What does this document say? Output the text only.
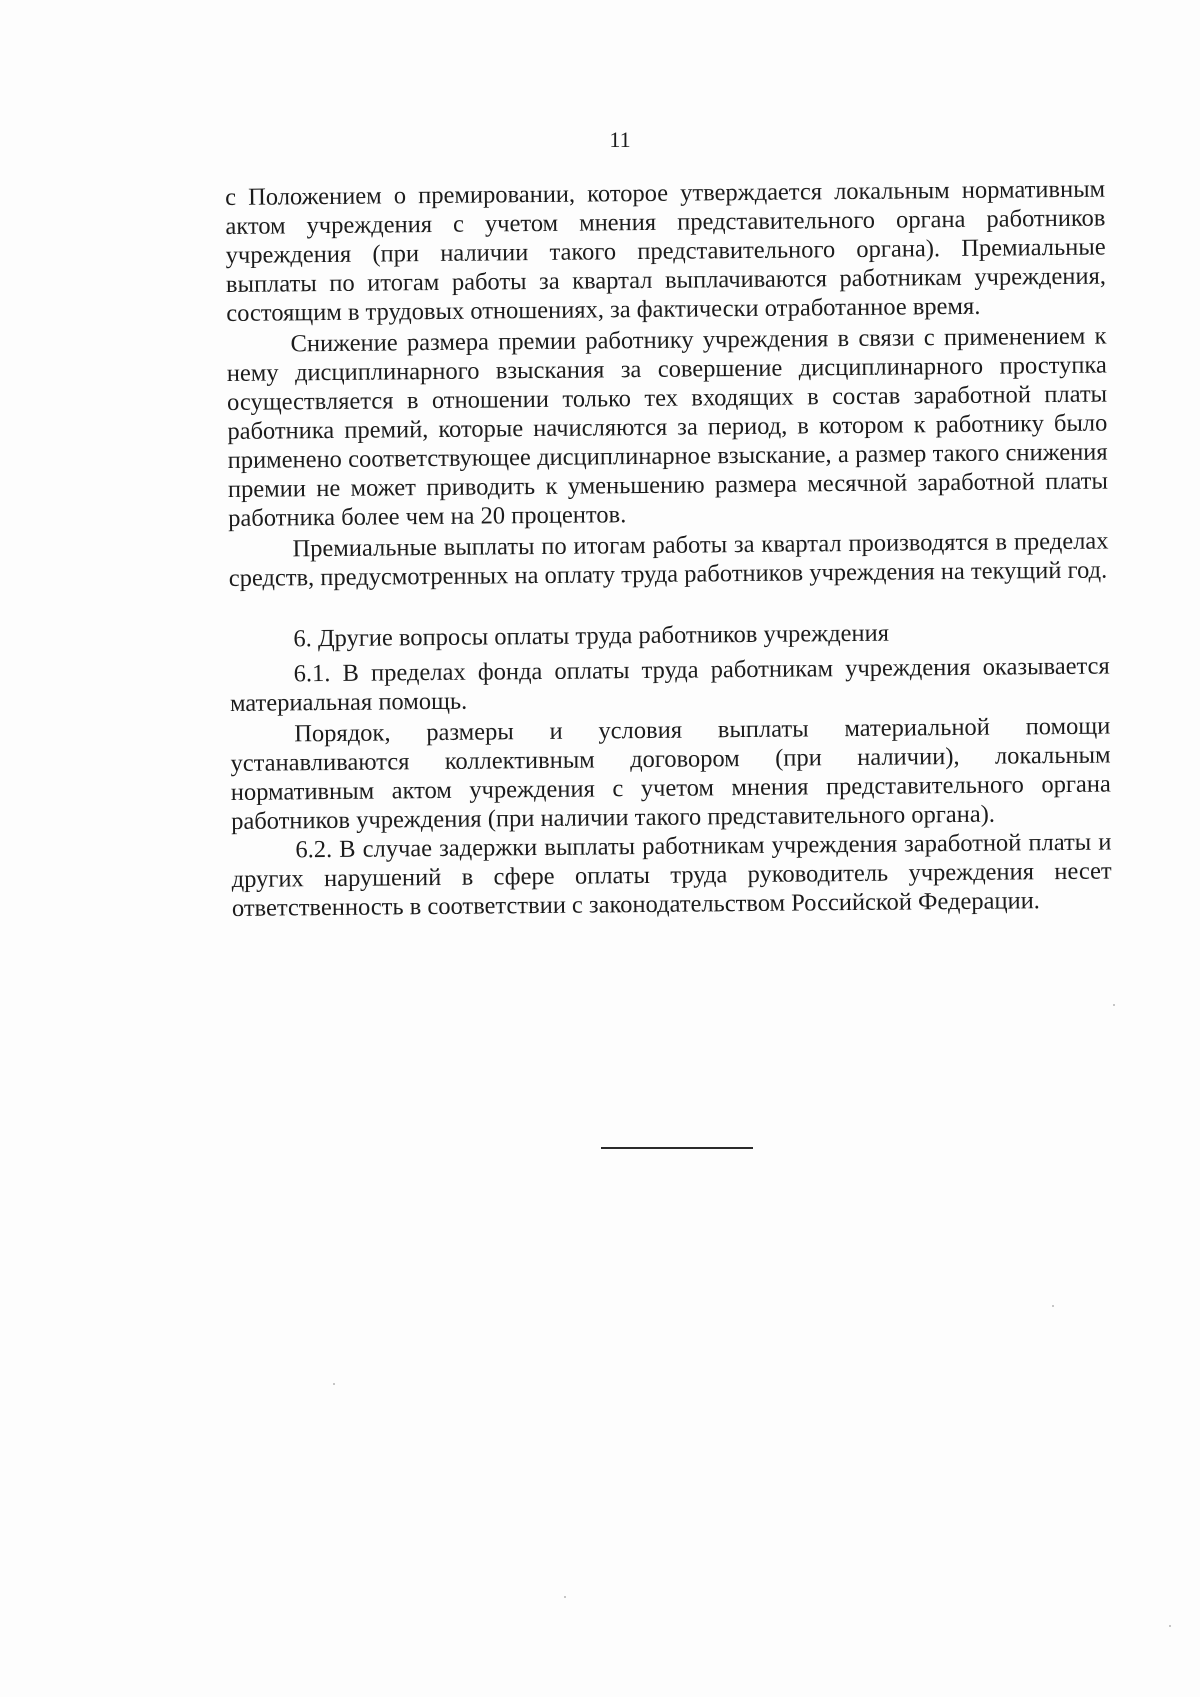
11

с Положением о премировании, которое утверждается локальным нормативным актом учреждения с учетом мнения представительного органа работников учреждения (при наличии такого представительного органа). Премиальные выплаты по итогам работы за квартал выплачиваются работникам учреждения, состоящим в трудовых отношениях, за фактически отработанное время.

Снижение размера премии работнику учреждения в связи с применением к нему дисциплинарного взыскания за совершение дисциплинарного проступка осуществляется в отношении только тех входящих в состав заработной платы работника премий, которые начисляются за период, в котором к работнику было применено соответствующее дисциплинарное взыскание, а размер такого снижения премии не может приводить к уменьшению размера месячной заработной платы работника более чем на 20 процентов.

Премиальные выплаты по итогам работы за квартал производятся в пределах средств, предусмотренных на оплату труда работников учреждения на текущий год.

6. Другие вопросы оплаты труда работников учреждения

6.1. В пределах фонда оплаты труда работникам учреждения оказывается материальная помощь.

Порядок, размеры и условия выплаты материальной помощи устанавливаются коллективным договором (при наличии), локальным нормативным актом учреждения с учетом мнения представительного органа работников учреждения (при наличии такого представительного органа).

6.2. В случае задержки выплаты работникам учреждения заработной платы и других нарушений в сфере оплаты труда руководитель учреждения несет ответственность в соответствии с законодательством Российской Федерации.
